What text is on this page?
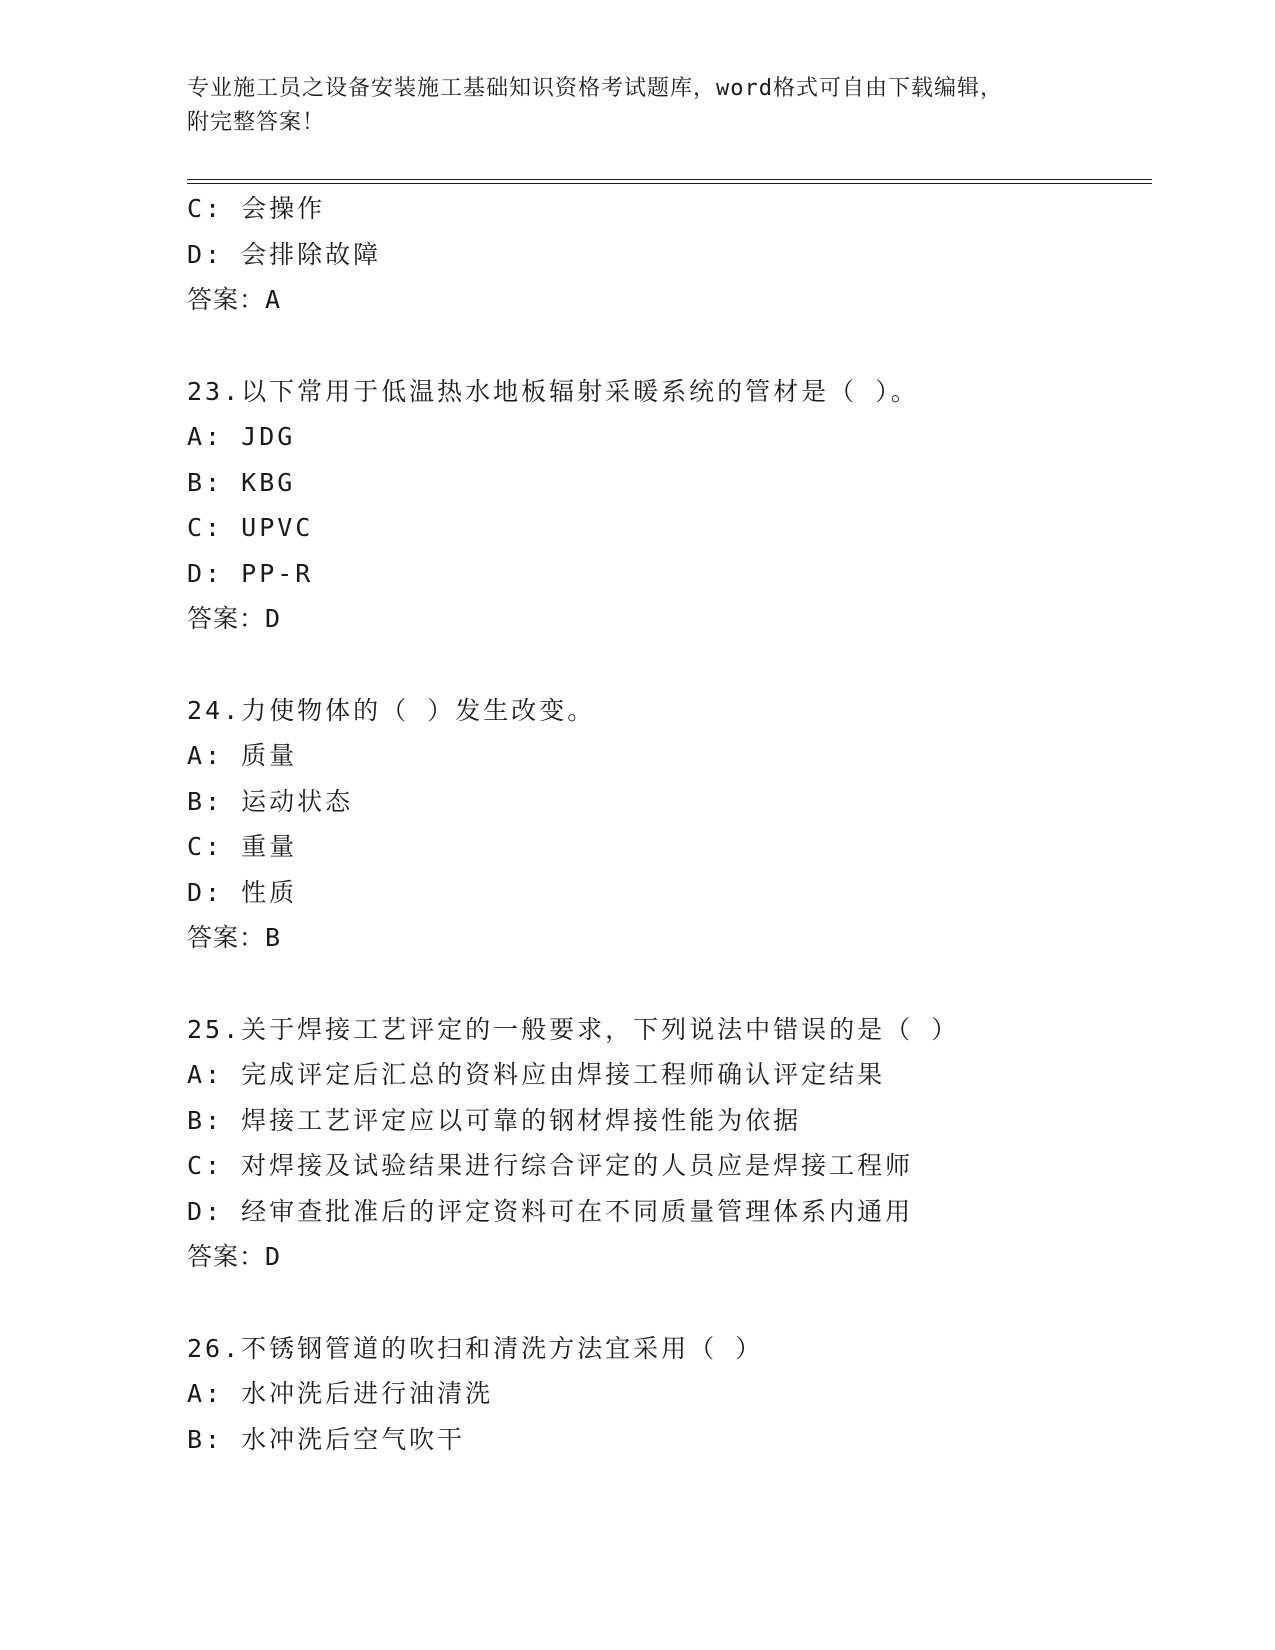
专业施工员之设备安装施工基础知识资格考试题库，word格式可自由下载编辑，
附完整答案！
C: 会操作
D: 会排除故障
答案：A
23.以下常用于低温热水地板辐射采暖系统的管材是（ ）。
A: JDG
B: KBG
C: UPVC
D: PP-R
答案：D
24.力使物体的（ ）发生改变。
A: 质量
B: 运动状态
C: 重量
D: 性质
答案：B
25.关于焊接工艺评定的一般要求，下列说法中错误的是（ ）
A: 完成评定后汇总的资料应由焊接工程师确认评定结果
B: 焊接工艺评定应以可靠的钢材焊接性能为依据
C: 对焊接及试验结果进行综合评定的人员应是焊接工程师
D: 经审查批准后的评定资料可在不同质量管理体系内通用
答案：D
26.不锈钢管道的吹扫和清洗方法宜采用（ ）
A: 水冲洗后进行油清洗
B: 水冲洗后空气吹干
